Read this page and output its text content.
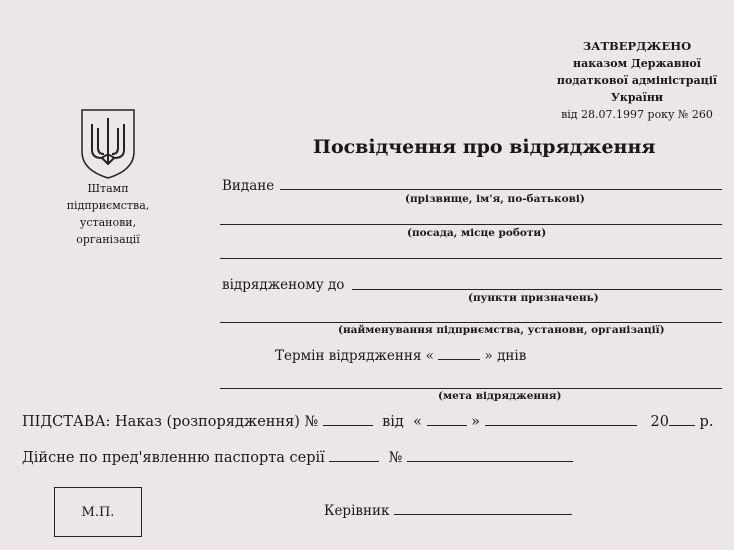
ЗАТВЕРДЖЕНО
наказом Державної
податкової адміністрації
України
від 28.07.1997 року № 260
Штамп
підприємства,
установи,
організації
Посвідчення про відрядження
Видане
(прізвище, ім'я, по-батькові)
(посада, місце роботи)
відрядженому до
(пункти призначень)
(найменування підприємства, установи, організації)
Термін відрядження «	» днів
(мета відрядження)
ПІДСТАВА: Наказ (розпорядження) №	від «	»	20 р.
Дійсне по пред'явленню паспорта серії	№
М.П.	Керівник
